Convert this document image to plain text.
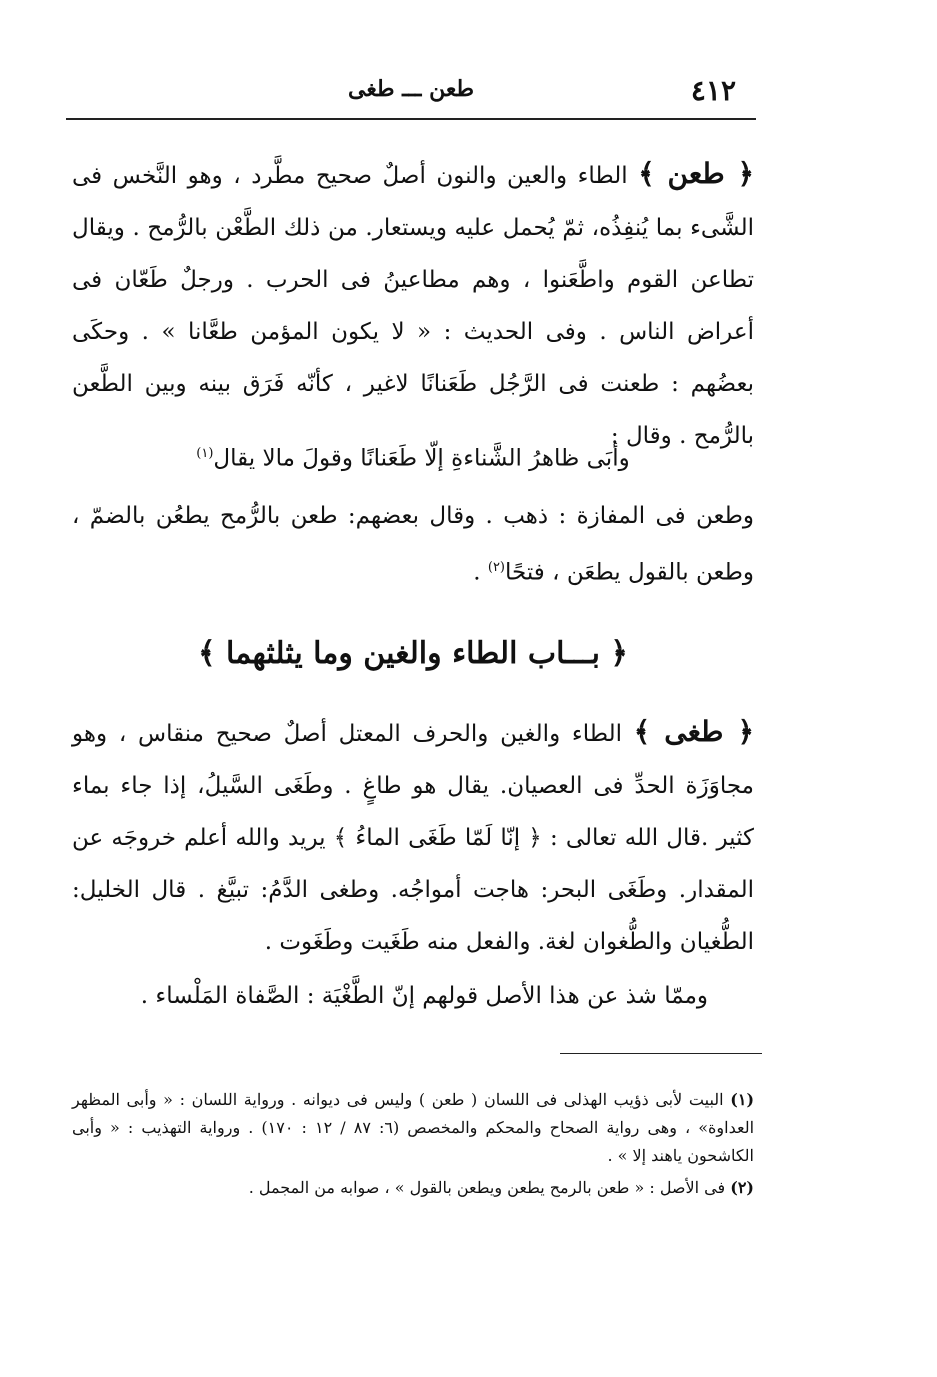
٤١٢
طعن ـــ طغى

﴿ طعن ﴾ الطاء والعين والنون أصلٌ صحيح مطَّرد ، وهو النَّخس فى الشَّىء بما يُنفِذُه، ثمّ يُحمل عليه ويستعار. من ذلك الطَّعْن بالرُّمح . ويقال تطاعن القوم واطَّعَنوا ، وهم مطاعينُ فى الحرب . ورجلٌ طَعّان فى أعراض الناس . وفى الحديث : « لا يكون المؤمن طعَّانا » . وحكَى بعضُهم : طعنت فى الرَّجُل طَعَنانًا لاغير ، كأنّه فَرَق بينه وبين الطَّعن بالرُّمح . وقال :

وأبَى ظاهرُ الشَّناءةِ إلّا طَعَنانًا وقولَ مالا يقال$^{(١)}$

وطعن فى المفازة : ذهب . وقال بعضهم: طعن بالرُّمح يطعُن بالضمّ ، وطعن بالقول يطعَن ، فتحًا$^{(٢)}$ .

﴿ بـــاب الطاء والغين وما يثلثهما ﴾

﴿ طغى ﴾ الطاء والغين والحرف المعتل أصلٌ صحيح منقاس ، وهو مجاوَزَة الحدِّ فى العصيان. يقال هو طاغٍ . وطَغَى السَّيلُ، إذا جاء بماء كثير .قال الله تعالى : ﴿ إنّا لَمّا طَغَى الماءُ ﴾ يريد والله أعلم خروجَه عن المقدار. وطَغَى البحر: هاجت أمواجُه. وطغى الدَّمُ: تبيَّغ . قال الخليل: الطُّغيان والطُّغوان لغة. والفعل منه طَغَيت وطَغَوت .

وممّا شذ عن هذا الأصل قولهم إنّ الطَّغْيَة : الصَّفاة المَلْساء .

(١) البيت لأبى ذؤيب الهذلى فى اللسان ( طعن ) وليس فى ديوانه . ورواية اللسان : « وأبى المظهر العداوة» ، وهى رواية الصحاح والمحكم والمخصص (٦: ٨٧ / ١٢ : ١٧٠) . ورواية التهذيب : « وأبى الكاشحون ياهند إلا » .

(٢) فى الأصل : « طعن بالرمح يطعن ويطعن بالقول » ، صوابه من المجمل .
